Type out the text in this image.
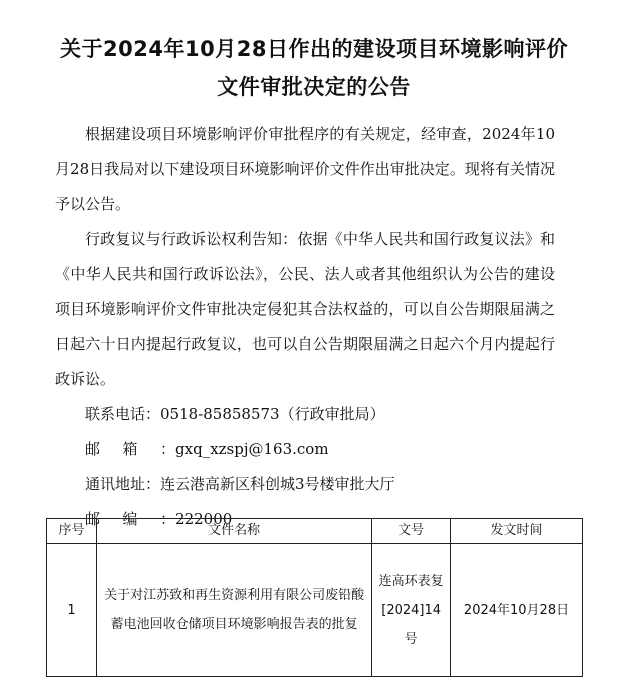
关于2024年10月28日作出的建设项目环境影响评价
文件审批决定的公告

根据建设项目环境影响评价审批程序的有关规定，经审查，2024年10月28日我局对以下建设项目环境影响评价文件作出审批决定。现将有关情况予以公告。

行政复议与行政诉讼权利告知：依据《中华人民共和国行政复议法》和《中华人民共和国行政诉讼法》，公民、法人或者其他组织认为公告的建设项目环境影响评价文件审批决定侵犯其合法权益的，可以自公告期限届满之日起六十日内提起行政复议，也可以自公告期限届满之日起六个月内提起行政诉讼。

联系电话：0518-85858573（行政审批局）

邮箱：gxq_xzspj@163.com

通讯地址：连云港高新区科创城3号楼审批大厅

邮编：222000

序号	文件名称	文号	发文时间
1	关于对江苏致和再生资源利用有限公司废铅酸蓄电池回收仓储项目环境影响报告表的批复	连高环表复[2024]14号	2024年10月28日
